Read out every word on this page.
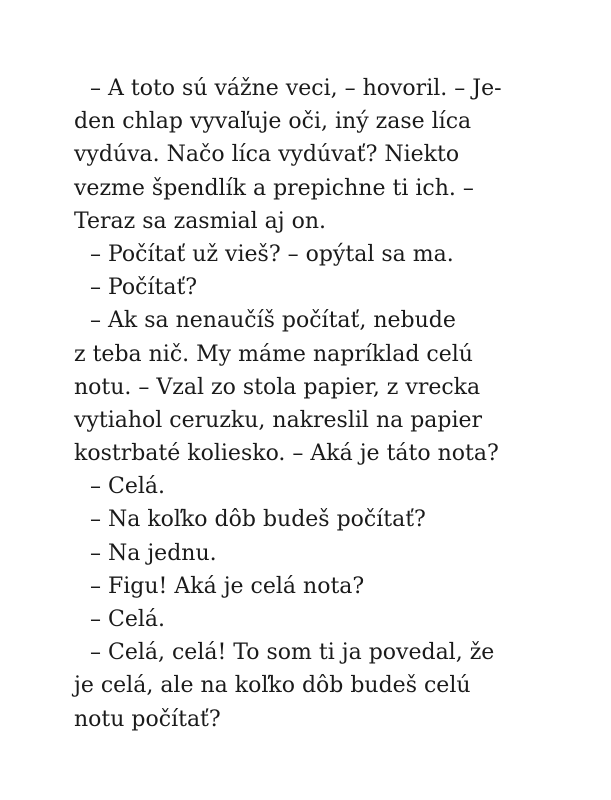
– A toto sú vážne veci, – hovoril. – Je-
den chlap vyvaľuje oči, iný zase líca
vydúva. Načo líca vydúvať? Niekto
vezme špendlík a prepichne ti ich. –
Teraz sa zasmial aj on.
– Počítať už vieš? – opýtal sa ma.
– Počítať?
– Ak sa nenaučíš počítať, nebude
z teba nič. My máme napríklad celú
notu. – Vzal zo stola papier, z vrecka
vytiahol ceruzku, nakreslil na papier
kostrbaté koliesko. – Aká je táto nota?
– Celá.
– Na koľko dôb budeš počítať?
– Na jednu.
– Figu! Aká je celá nota?
– Celá.
– Celá, celá! To som ti ja povedal, že
je celá, ale na koľko dôb budeš celú
notu počítať?
